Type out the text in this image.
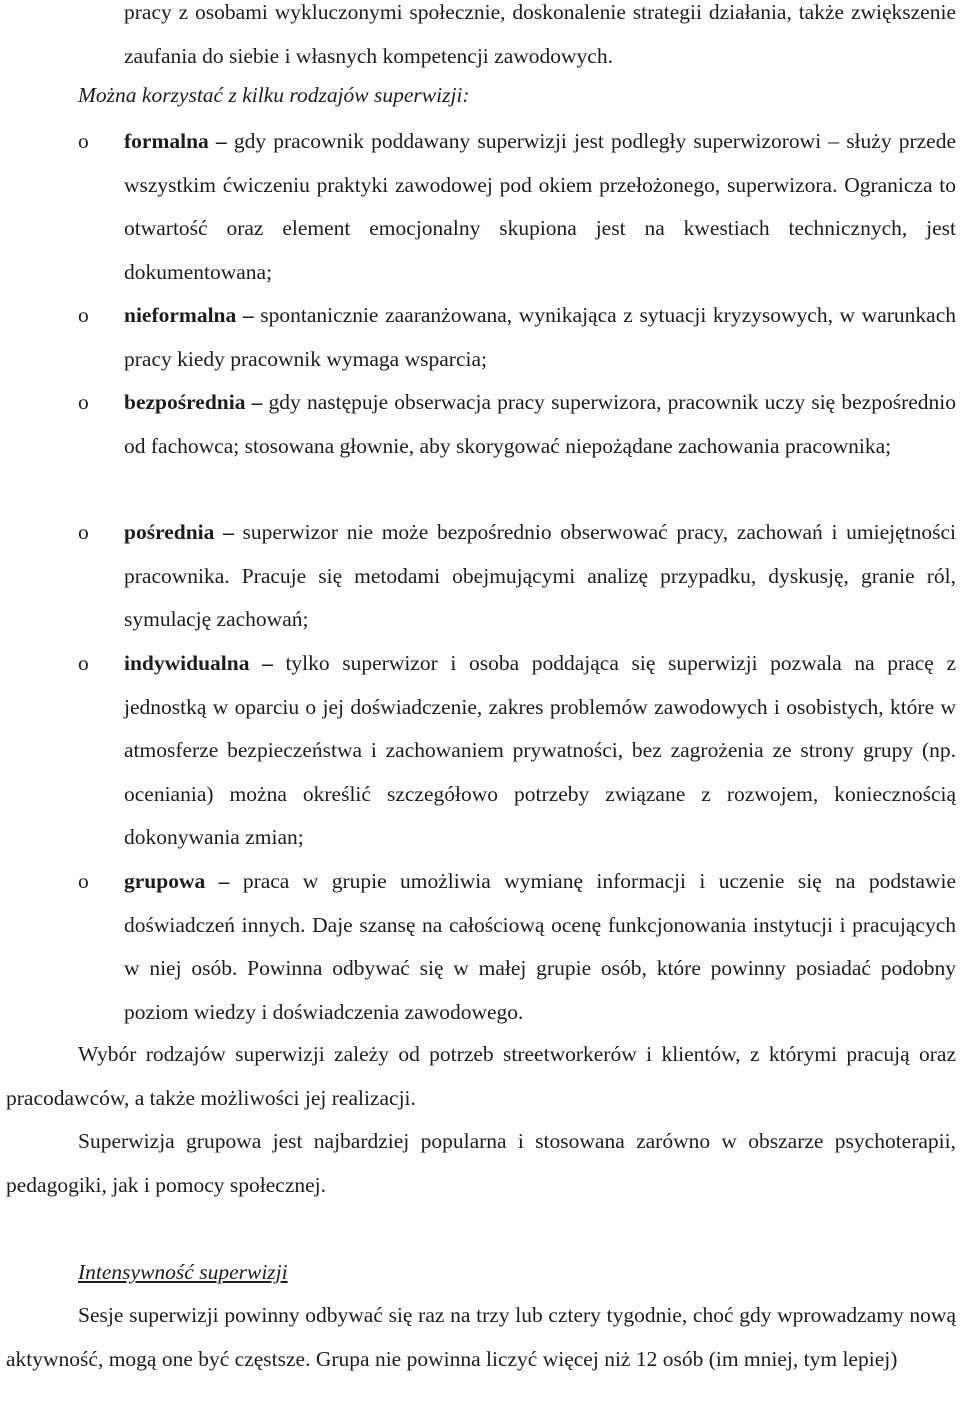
pracy z osobami wykluczonymi społecznie, doskonalenie strategii działania, także zwiększenie zaufania do siebie i własnych kompetencji zawodowych.

Można korzystać z kilku rodzajów superwizji:

o formalna – gdy pracownik poddawany superwizji jest podległy superwizorowi – służy przede wszystkim ćwiczeniu praktyki zawodowej pod okiem przełożonego, superwizora. Ogranicza to otwartość oraz element emocjonalny skupiona jest na kwestiach technicznych, jest dokumentowana;

o nieformalna – spontanicznie zaaranżowana, wynikająca z sytuacji kryzysowych, w warunkach pracy kiedy pracownik wymaga wsparcia;

o bezpośrednia – gdy następuje obserwacja pracy superwizora, pracownik uczy się bezpośrednio od fachowca; stosowana głownie, aby skorygować niepożądane zachowania pracownika;

o pośrednia – superwizor nie może bezpośrednio obserwować pracy, zachowań i umiejętności pracownika. Pracuje się metodami obejmującymi analizę przypadku, dyskusję, granie ról, symulację zachowań;

o indywidualna – tylko superwizor i osoba poddająca się superwizji pozwala na pracę z jednostką w oparciu o jej doświadczenie, zakres problemów zawodowych i osobistych, które w atmosferze bezpieczeństwa i zachowaniem prywatności, bez zagrożenia ze strony grupy (np. oceniania) można określić szczegółowo potrzeby związane z rozwojem, koniecznością dokonywania zmian;

o grupowa – praca w grupie umożliwia wymianę informacji i uczenie się na podstawie doświadczeń innych. Daje szansę na całościową ocenę funkcjonowania instytucji i pracujących w niej osób. Powinna odbywać się w małej grupie osób, które powinny posiadać podobny poziom wiedzy i doświadczenia zawodowego.

Wybór rodzajów superwizji zależy od potrzeb streetworkerów i klientów, z którymi pracują oraz pracodawców, a także możliwości jej realizacji.

Superwizja grupowa jest najbardziej popularna i stosowana zarówno w obszarze psychoterapii, pedagogiki, jak i pomocy społecznej.

Intensywność superwizji

Sesje superwizji powinny odbywać się raz na trzy lub cztery tygodnie, choć gdy wprowadzamy nową aktywność, mogą one być częstsze. Grupa nie powinna liczyć więcej niż 12 osób (im mniej, tym lepiej)
